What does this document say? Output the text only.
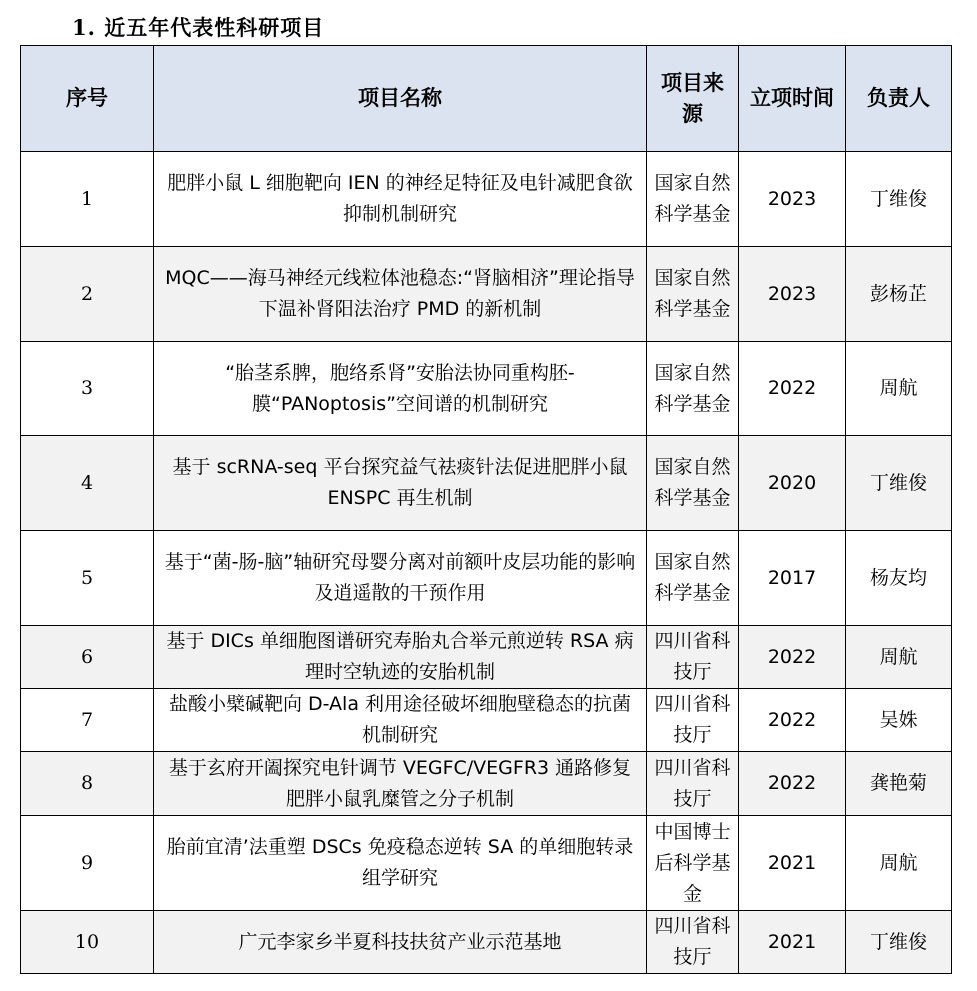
1. 近五年代表性科研项目
序号	项目名称	项目来源	立项时间	负责人
1	肥胖小鼠 L 细胞靶向 IEN 的神经足特征及电针减肥食欲抑制机制研究	国家自然科学基金	2023	丁维俊
2	MQC——海马神经元线粒体池稳态:“肾脑相济”理论指导下温补肾阳法治疗 PMD 的新机制	国家自然科学基金	2023	彭杨芷
3	“胎茎系脾，胞络系肾”安胎法协同重构胚-膜“PANoptosis”空间谱的机制研究	国家自然科学基金	2022	周航
4	基于 scRNA-seq 平台探究益气祛痰针法促进肥胖小鼠 ENSPC 再生机制	国家自然科学基金	2020	丁维俊
5	基于“菌-肠-脑”轴研究母婴分离对前额叶皮层功能的影响及逍遥散的干预作用	国家自然科学基金	2017	杨友均
6	基于 DICs 单细胞图谱研究寿胎丸合举元煎逆转 RSA 病理时空轨迹的安胎机制	四川省科技厅	2022	周航
7	盐酸小檗碱靶向 D-Ala 利用途径破坏细胞壁稳态的抗菌机制研究	四川省科技厅	2022	吴姝
8	基于玄府开阖探究电针调节 VEGFC/VEGFR3 通路修复肥胖小鼠乳糜管之分子机制	四川省科技厅	2022	龚艳菊
9	胎前宜清’法重塑 DSCs 免疫稳态逆转 SA 的单细胞转录组学研究	中国博士后科学基金	2021	周航
10	广元李家乡半夏科技扶贫产业示范基地	四川省科技厅	2021	丁维俊
